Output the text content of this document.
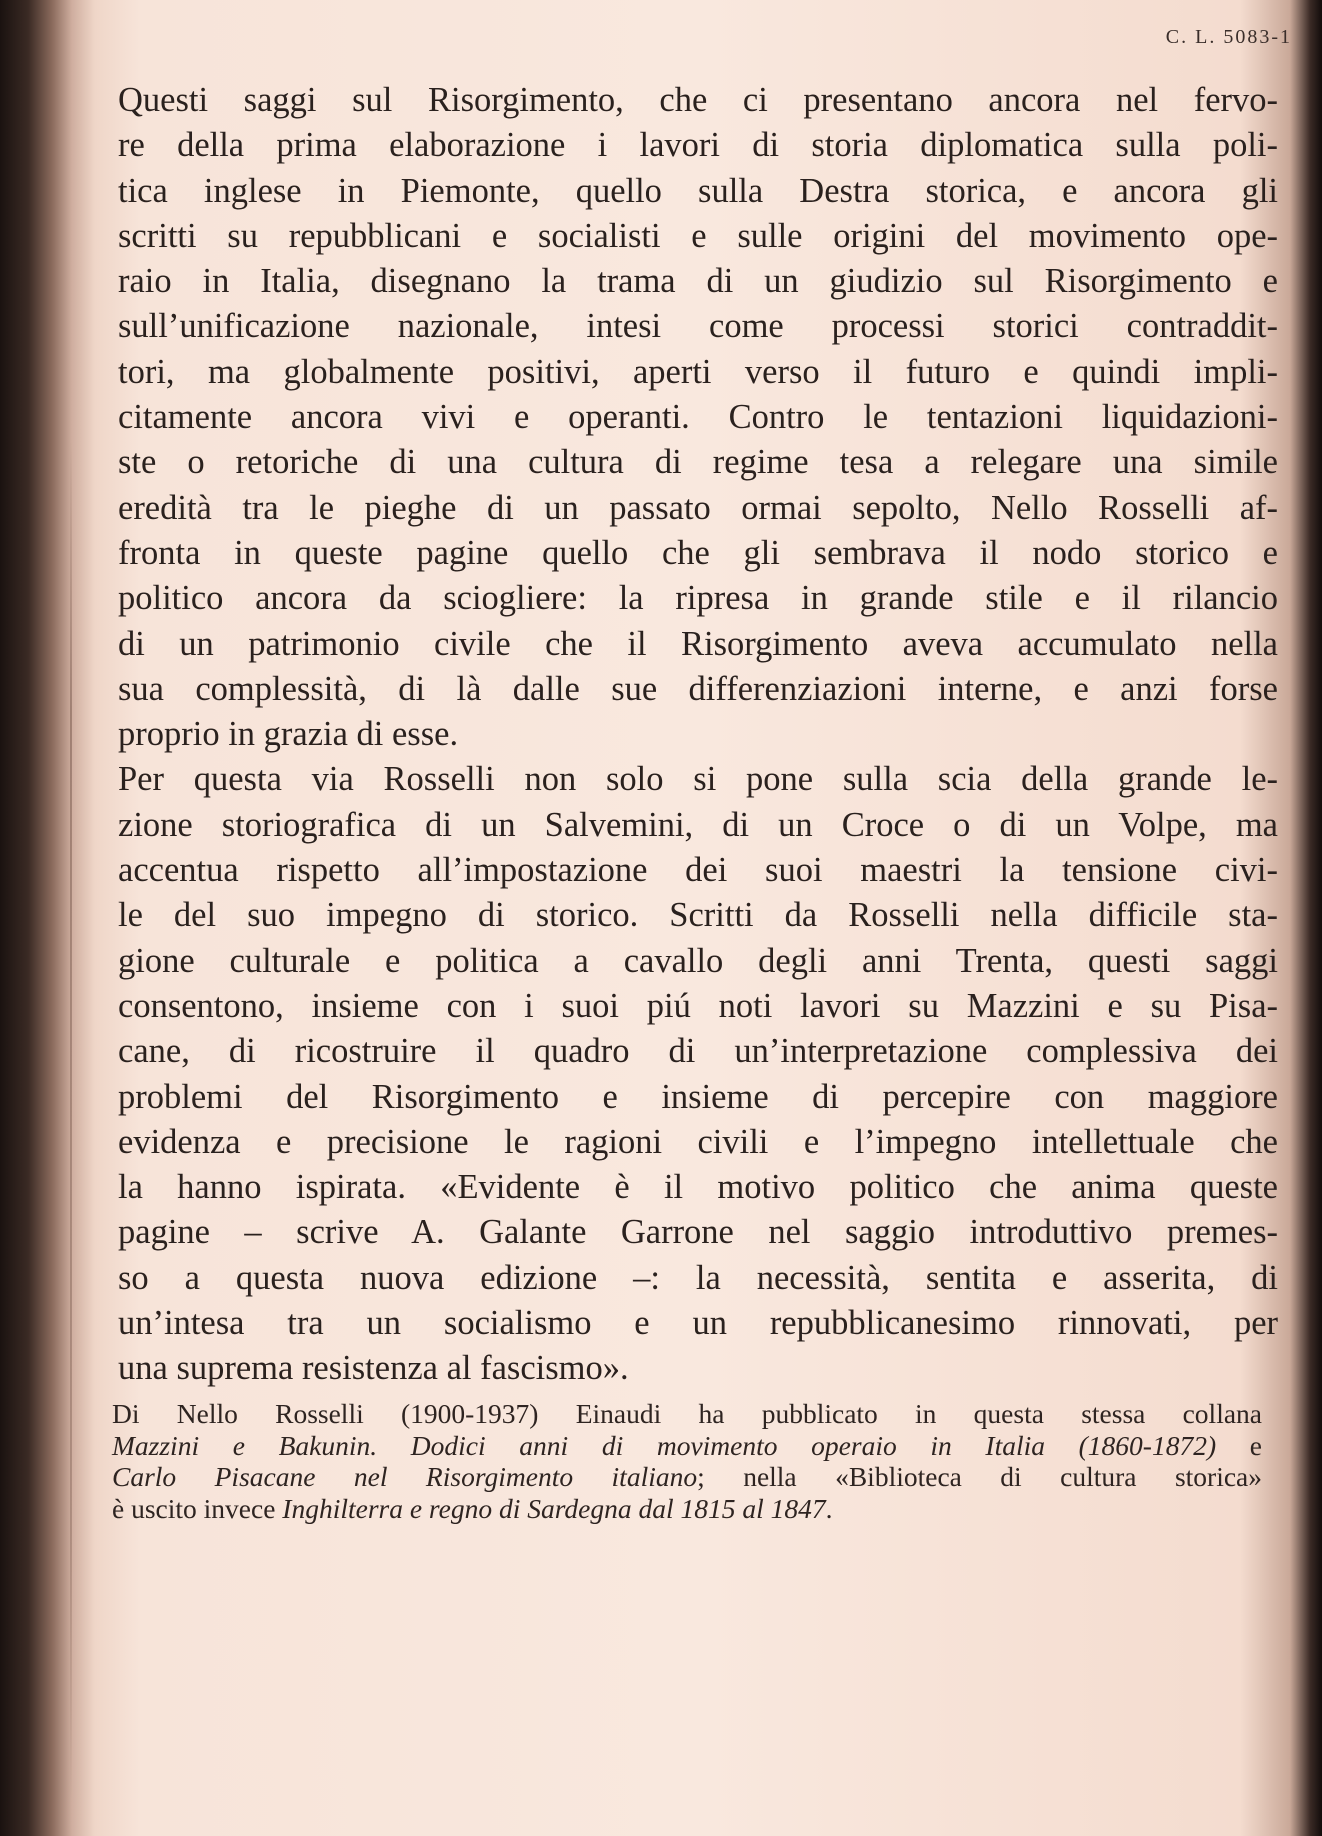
C. L. 5083-1
Questi saggi sul Risorgimento, che ci presentano ancora nel fervo-
re della prima elaborazione i lavori di storia diplomatica sulla poli-
tica inglese in Piemonte, quello sulla Destra storica, e ancora gli
scritti su repubblicani e socialisti e sulle origini del movimento ope-
raio in Italia, disegnano la trama di un giudizio sul Risorgimento e
sull’unificazione nazionale, intesi come processi storici contraddit-
tori, ma globalmente positivi, aperti verso il futuro e quindi impli-
citamente ancora vivi e operanti. Contro le tentazioni liquidazioni-
ste o retoriche di una cultura di regime tesa a relegare una simile
eredità tra le pieghe di un passato ormai sepolto, Nello Rosselli af-
fronta in queste pagine quello che gli sembrava il nodo storico e
politico ancora da sciogliere: la ripresa in grande stile e il rilancio
di un patrimonio civile che il Risorgimento aveva accumulato nella
sua complessità, di là dalle sue differenziazioni interne, e anzi forse
proprio in grazia di esse.
Per questa via Rosselli non solo si pone sulla scia della grande le-
zione storiografica di un Salvemini, di un Croce o di un Volpe, ma
accentua rispetto all’impostazione dei suoi maestri la tensione civi-
le del suo impegno di storico. Scritti da Rosselli nella difficile sta-
gione culturale e politica a cavallo degli anni Trenta, questi saggi
consentono, insieme con i suoi piú noti lavori su Mazzini e su Pisa-
cane, di ricostruire il quadro di un’interpretazione complessiva dei
problemi del Risorgimento e insieme di percepire con maggiore
evidenza e precisione le ragioni civili e l’impegno intellettuale che
la hanno ispirata. «Evidente è il motivo politico che anima queste
pagine – scrive A. Galante Garrone nel saggio introduttivo premes-
so a questa nuova edizione –: la necessità, sentita e asserita, di
un’intesa tra un socialismo e un repubblicanesimo rinnovati, per
una suprema resistenza al fascismo».
Di Nello Rosselli (1900-1937) Einaudi ha pubblicato in questa stessa collana
Mazzini e Bakunin. Dodici anni di movimento operaio in Italia (1860-1872) e
Carlo Pisacane nel Risorgimento italiano; nella «Biblioteca di cultura storica»
è uscito invece Inghilterra e regno di Sardegna dal 1815 al 1847.
